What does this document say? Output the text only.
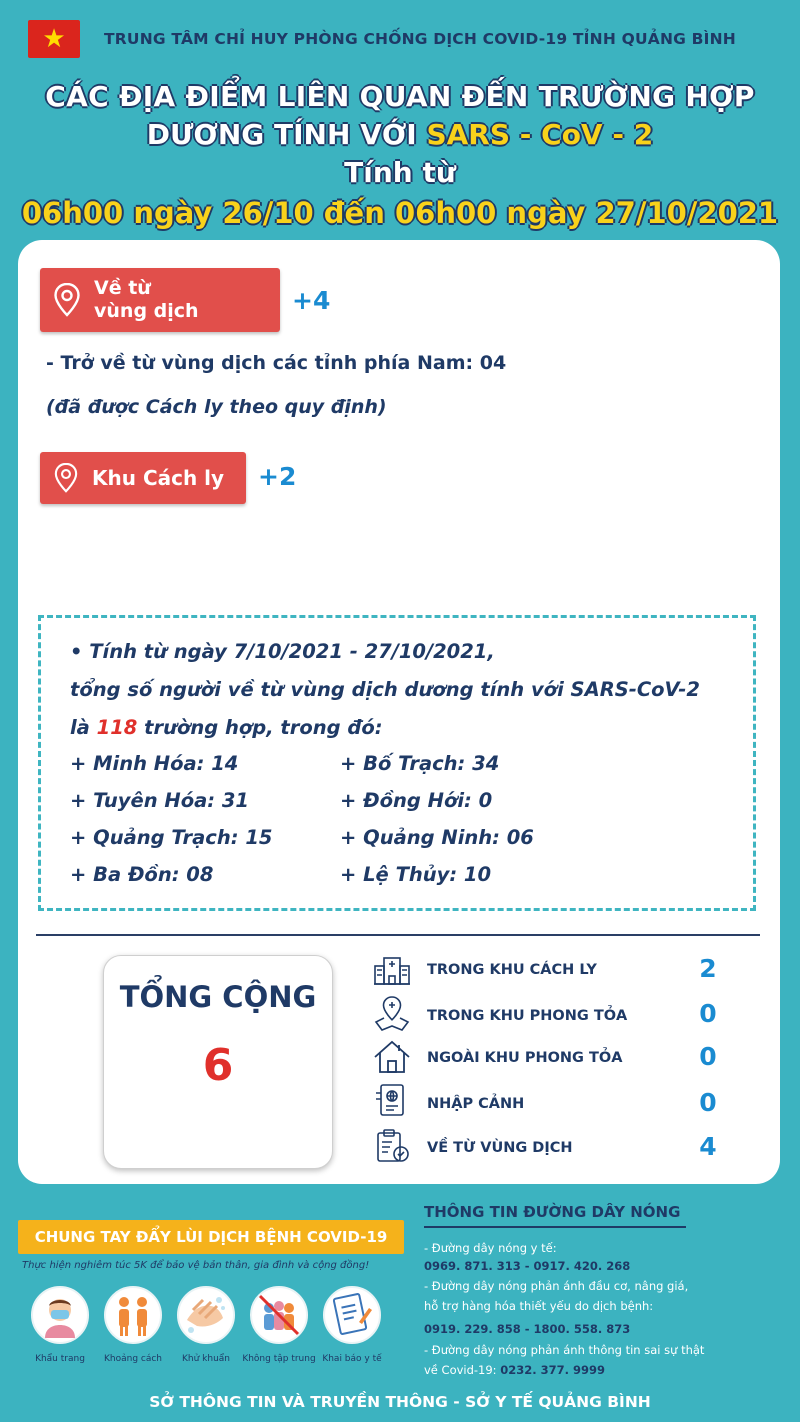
★	TRUNG TÂM CHỈ HUY PHÒNG CHỐNG DỊCH COVID-19 TỈNH QUẢNG BÌNH
CÁC ĐỊA ĐIỂM LIÊN QUAN ĐẾN TRƯỜNG HỢP
DƯƠNG TÍNH VỚI SARS - CoV - 2
Tính từ
06h00 ngày 26/10 đến 06h00 ngày 27/10/2021
Về từ
vùng dịch	+4
- Trở về từ vùng dịch các tỉnh phía Nam: 04
(đã được Cách ly theo quy định)
Khu Cách ly +2
• Tính từ ngày 7/10/2021 - 27/10/2021,
tổng số người về từ vùng dịch dương tính với SARS-CoV-2
là 118 trường hợp, trong đó:
+ Minh Hóa: 14	+ Bố Trạch: 34
+ Tuyên Hóa: 31	+ Đồng Hới: 0
+ Quảng Trạch: 15	+ Quảng Ninh: 06
+ Ba Đồn: 08	+ Lệ Thủy: 10
TỔNG CỘNG
6
TRONG KHU CÁCH LY	2
TRONG KHU PHONG TỎA	0
NGOÀI KHU PHONG TỎA	0
NHẬP CẢNH	0
VỀ TỪ VÙNG DỊCH	4
CHUNG TAY ĐẨY LÙI DỊCH BỆNH COVID-19
Thực hiện nghiêm túc 5K để bảo vệ bản thân, gia đình và cộng đồng!
Khẩu trang	Khoảng cách	Khử khuẩn	Không tập trung Khai báo y tế
THÔNG TIN ĐƯỜNG DÂY NÓNG
- Đường dây nóng y tế:
0969. 871. 313 - 0917. 420. 268
- Đường dây nóng phản ánh đầu cơ, nâng giá,
hỗ trợ hàng hóa thiết yếu do dịch bệnh:
0919. 229. 858 - 1800. 558. 873
- Đường dây nóng phản ánh thông tin sai sự thật
về Covid-19: 0232. 377. 9999
SỞ THÔNG TIN VÀ TRUYỀN THÔNG - SỞ Y TẾ QUẢNG BÌNH
